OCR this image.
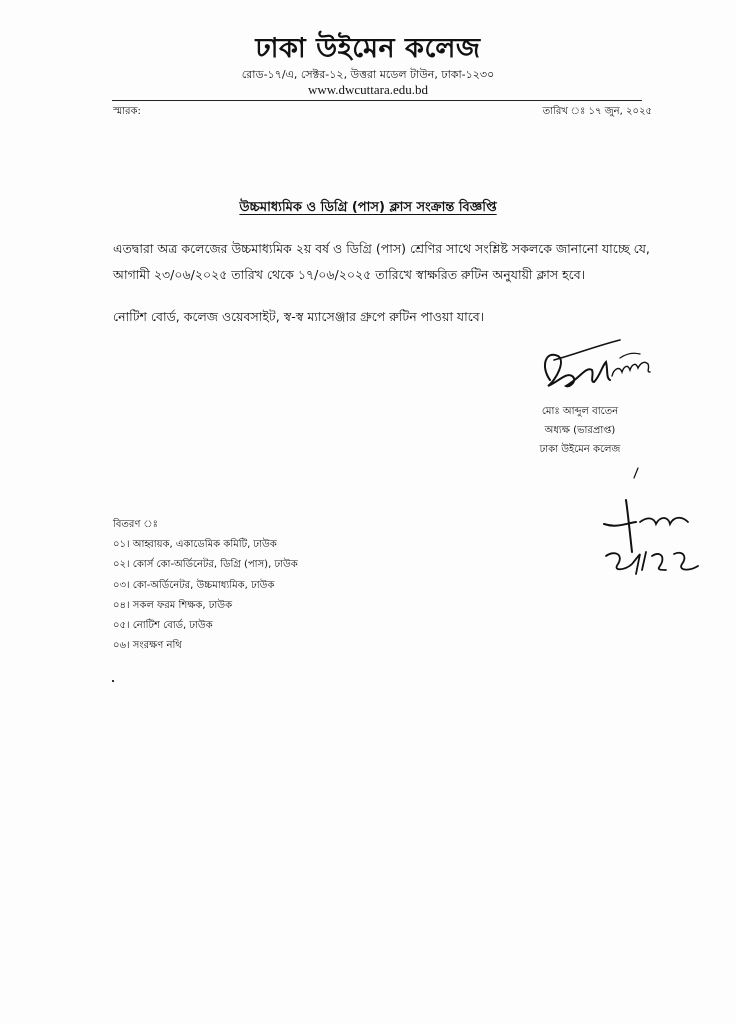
ঢাকা উইমেন কলেজ
রোড-১৭/এ, সেক্টর-১২, উত্তরা মডেল টাউন, ঢাকা-১২৩০
www.dwcuttara.edu.bd
স্মারক:	তারিখ ঃ ১৭ জুন, ২০২৫
উচ্চমাধ্যমিক ও ডিগ্রি (পাস) ক্লাস সংক্রান্ত বিজ্ঞপ্তি
এতদ্বারা অত্র কলেজের উচ্চমাধ্যমিক ২য় বর্ষ ও ডিগ্রি (পাস) শ্রেণির সাথে সংশ্লিষ্ট সকলকে জানানো যাচ্ছে যে,
আগামী ২৩/০৬/২০২৫ তারিখ থেকে ১৭/০৬/২০২৫ তারিখে স্বাক্ষরিত রুটিন অনুযায়ী ক্লাস হবে।
নোটিশ বোর্ড, কলেজ ওয়েবসাইট, স্ব-স্ব ম্যাসেঞ্জার গ্রুপে রুটিন পাওয়া যাবে।
মোঃ আব্দুল বাতেন
অধ্যক্ষ (ভারপ্রাপ্ত)
ঢাকা উইমেন কলেজ
বিতরণ ঃ
০১। আহ্বায়ক, একাডেমিক কমিটি, ঢাউক
০২। কোর্স কো-অর্ডিনেটর, ডিগ্রি (পাস), ঢাউক
০৩। কো-অর্ডিনেটর, উচ্চমাধ্যমিক, ঢাউক
০৪। সকল ফরম শিক্ষক, ঢাউক
০৫। নোটিশ বোর্ড, ঢাউক
০৬। সংরক্ষণ নথি
